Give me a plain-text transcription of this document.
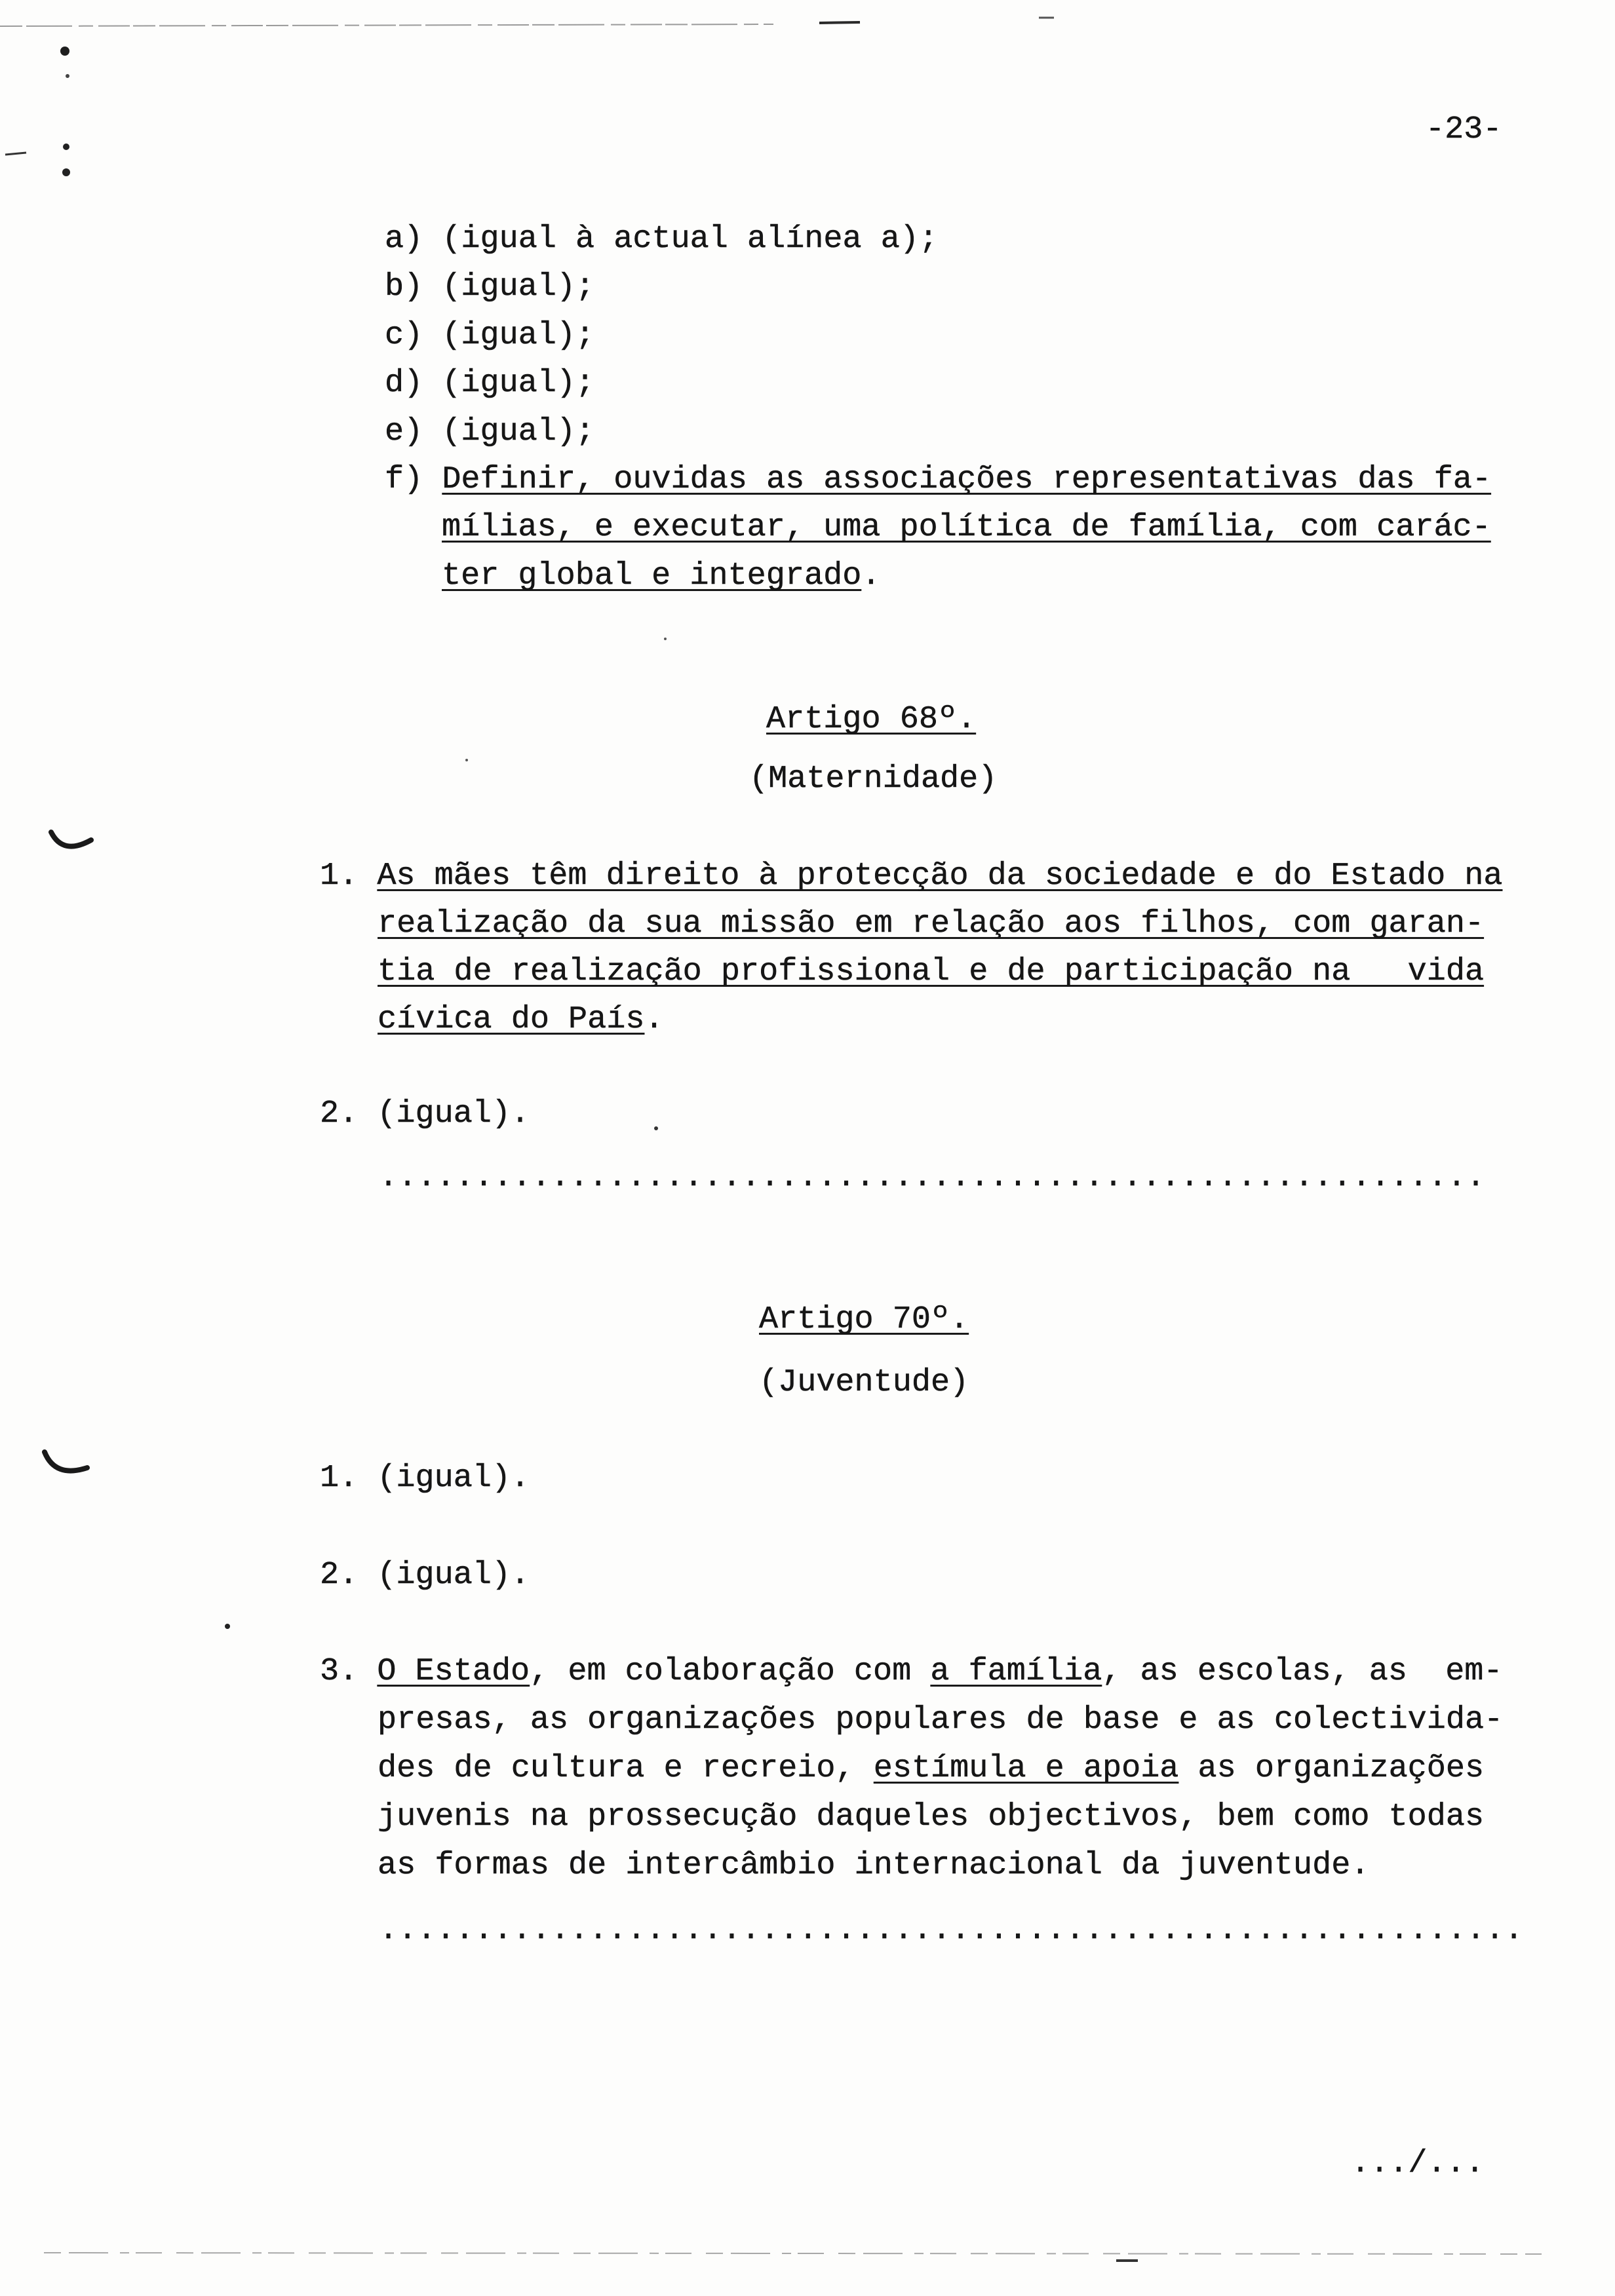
-23-
a) (igual à actual alínea a);
b) (igual);
c) (igual);
d) (igual);
e) (igual);
f) Definir, ouvidas as associações representativas das fa-
mílias, e executar, uma política de família, com carác-
ter global e integrado.
Artigo 68º.
(Maternidade)
1. As mães têm direito à protecção da sociedade e do Estado na
realização da sua missão em relação aos filhos, com garan-
tia de realização profissional e de participação na   vida
cívica do País.
2. (igual).
..........................................................
Artigo 70º.
(Juventude)
1. (igual).
2. (igual).
3. O Estado, em colaboração com a família, as escolas, as  em-
presas, as organizações populares de base e as colectivida-
des de cultura e recreio, estímula e apoia as organizações
juvenis na prossecução daqueles objectivos, bem como todas
as formas de intercâmbio internacional da juventude.
............................................................
.../...
